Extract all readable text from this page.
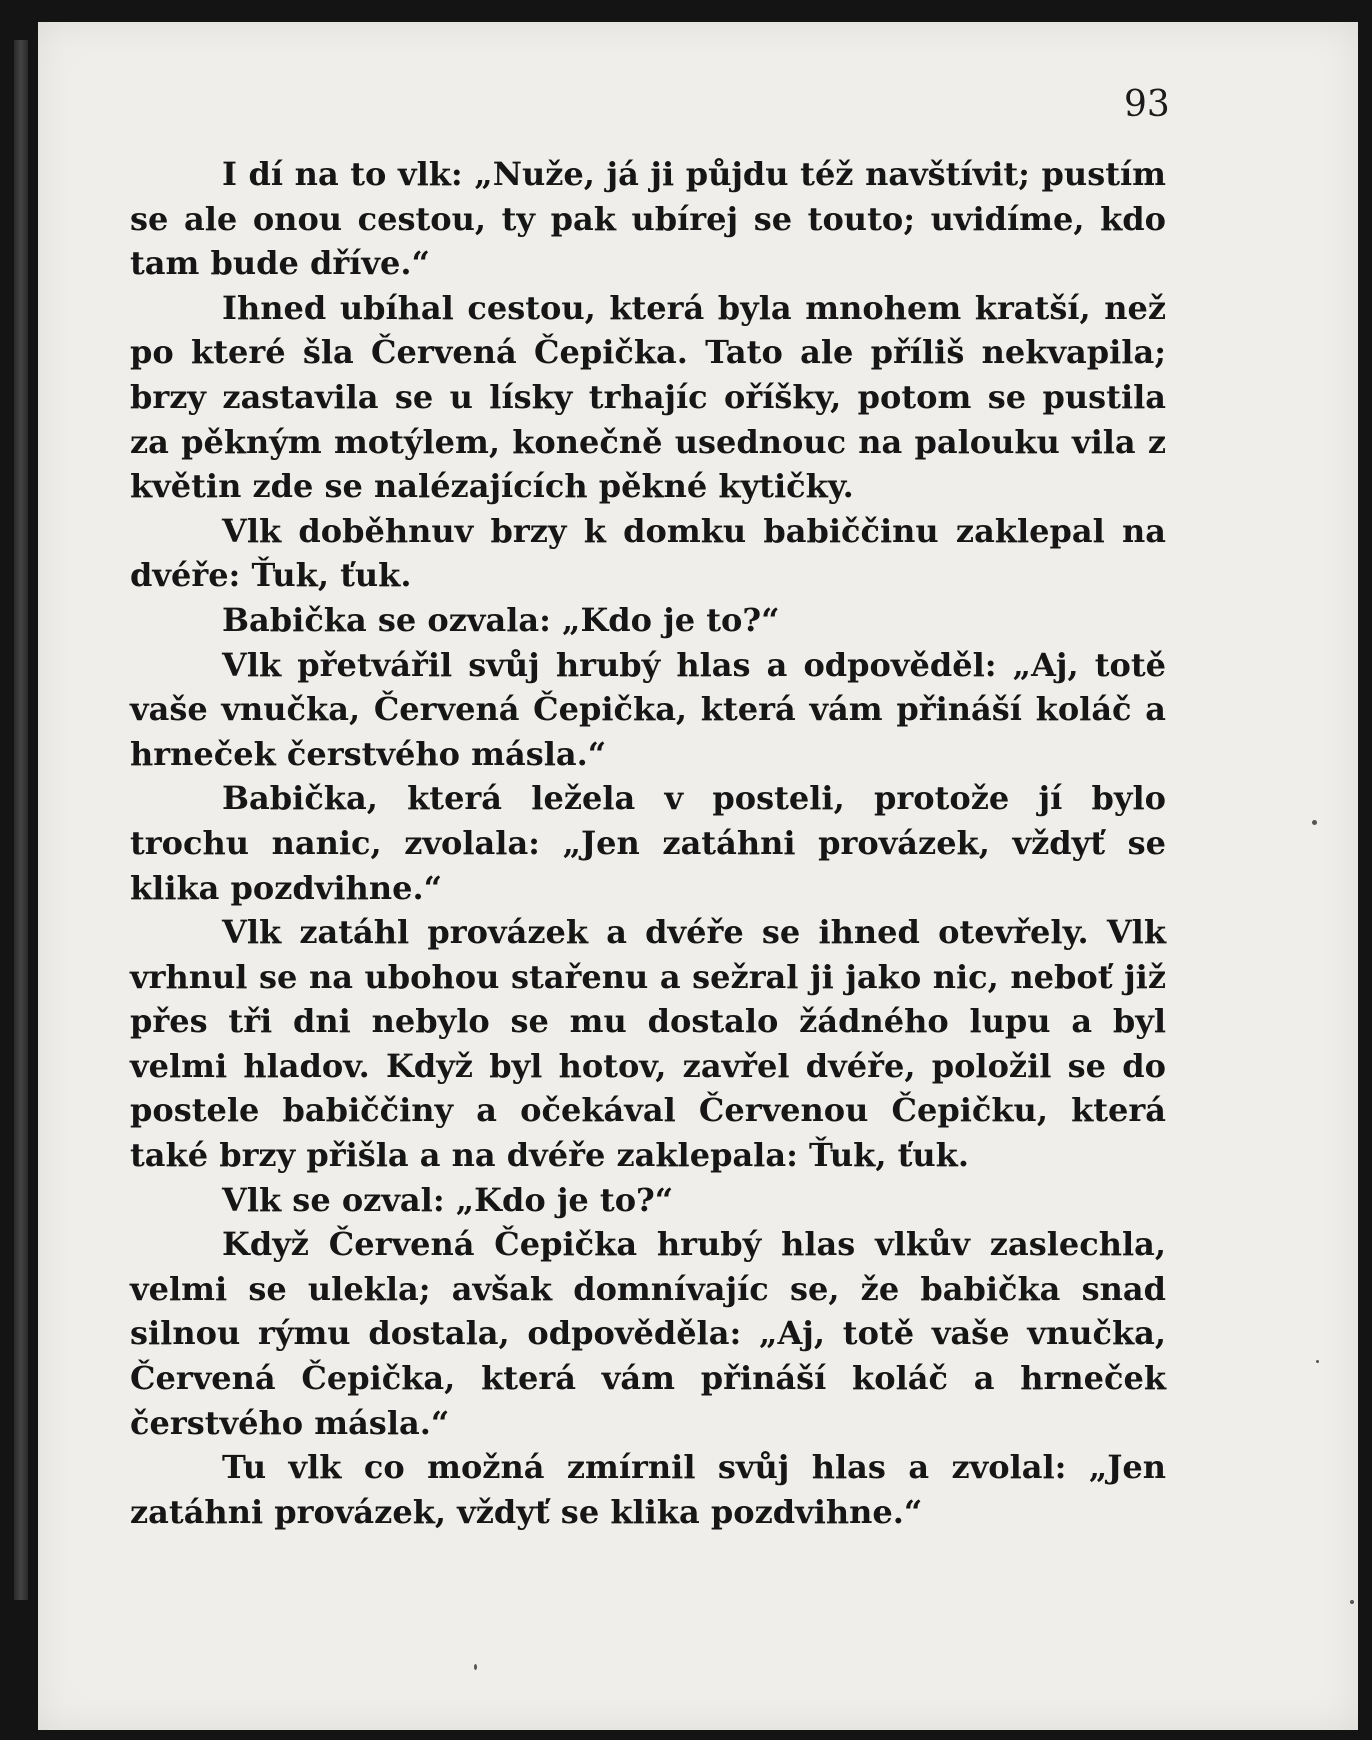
93

I dí na to vlk: „Nuže, já ji půjdu též navštívit; pustím se ale onou cestou, ty pak ubírej se touto; uvidíme, kdo tam bude dříve.“

Ihned ubíhal cestou, která byla mnohem kratší, než po které šla Červená Čepička. Tato ale příliš nekvapila; brzy zastavila se u lísky trhajíc oříšky, potom se pustila za pěkným motýlem, konečně usednouc na palouku vila z květin zde se nalézajících pěkné kytičky.

Vlk doběhnuv brzy k domku babiččinu zaklepal na dvéře: Ťuk, ťuk.

Babička se ozvala: „Kdo je to?“

Vlk přetvářil svůj hrubý hlas a odpověděl: „Aj, totě vaše vnučka, Červená Čepička, která vám přináší koláč a hrneček čerstvého másla.“

Babička, která ležela v posteli, protože jí bylo trochu nanic, zvolala: „Jen zatáhni provázek, vždyť se klika pozdvihne.“

Vlk zatáhl provázek a dvéře se ihned otevřely. Vlk vrhnul se na ubohou stařenu a sežral ji jako nic, neboť již přes tři dni nebylo se mu dostalo žádného lupu a byl velmi hladov. Když byl hotov, zavřel dvéře, položil se do postele babiččiny a očekával Červenou Čepičku, která také brzy přišla a na dvéře zaklepala: Ťuk, ťuk.

Vlk se ozval: „Kdo je to?“

Když Červená Čepička hrubý hlas vlkův zaslechla, velmi se ulekla; avšak domnívajíc se, že babička snad silnou rýmu dostala, odpověděla: „Aj, totě vaše vnučka, Červená Čepička, která vám přináší koláč a hrneček čerstvého másla.“

Tu vlk co možná zmírnil svůj hlas a zvolal: „Jen zatáhni provázek, vždyť se klika pozdvihne.“
